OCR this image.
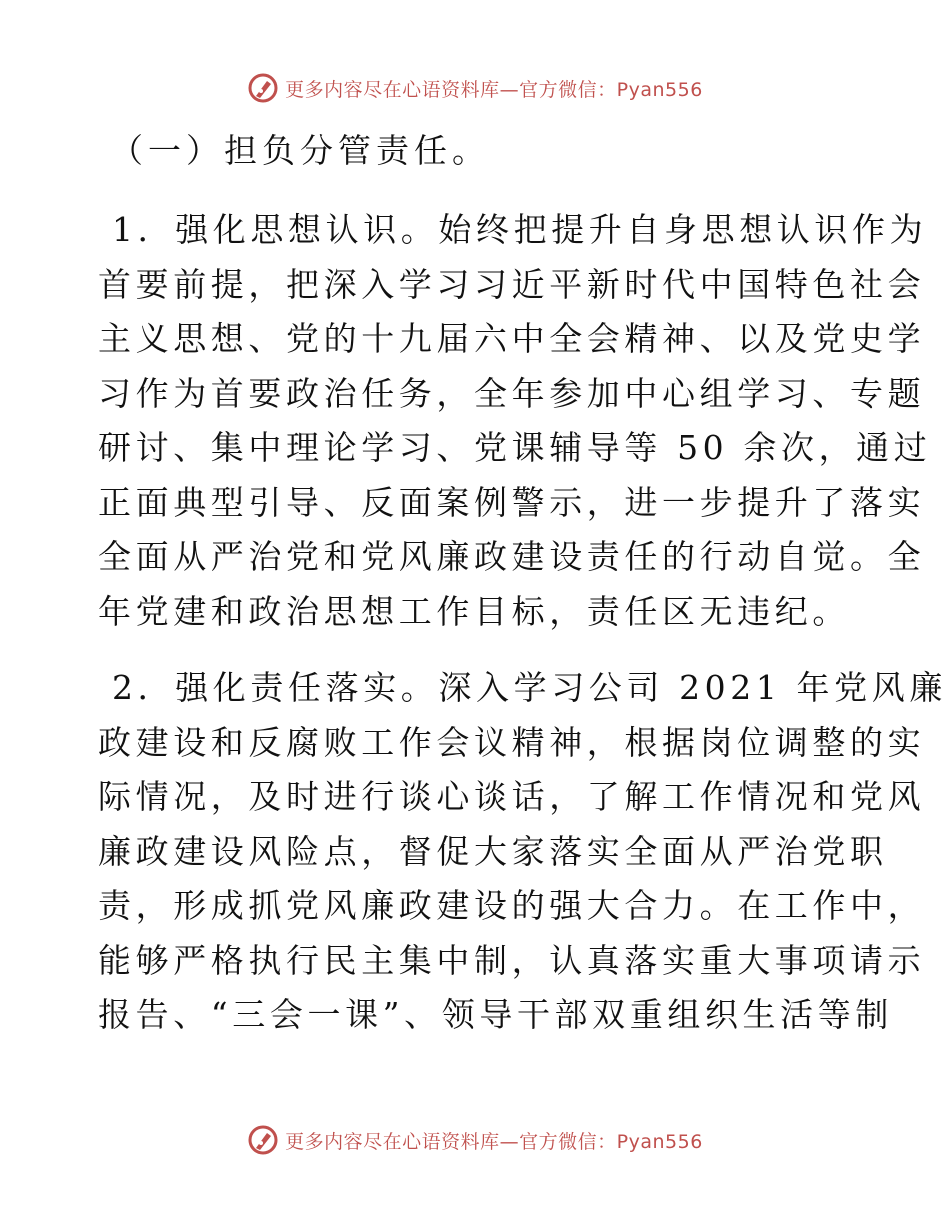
更多内容尽在心语资料库—官方微信：Pyan556
（一）担负分管责任。
1．强化思想认识。始终把提升自身思想认识作为
首要前提，把深入学习习近平新时代中国特色社会
主义思想、党的十九届六中全会精神、以及党史学
习作为首要政治任务，全年参加中心组学习、专题
研讨、集中理论学习、党课辅导等 50 余次，通过
正面典型引导、反面案例警示，进一步提升了落实
全面从严治党和党风廉政建设责任的行动自觉。全
年党建和政治思想工作目标，责任区无违纪。
2．强化责任落实。深入学习公司 2021 年党风廉
政建设和反腐败工作会议精神，根据岗位调整的实
际情况，及时进行谈心谈话，了解工作情况和党风
廉政建设风险点，督促大家落实全面从严治党职
责，形成抓党风廉政建设的强大合力。在工作中，
能够严格执行民主集中制，认真落实重大事项请示
报告、“三会一课”、领导干部双重组织生活等制
更多内容尽在心语资料库—官方微信：Pyan556
